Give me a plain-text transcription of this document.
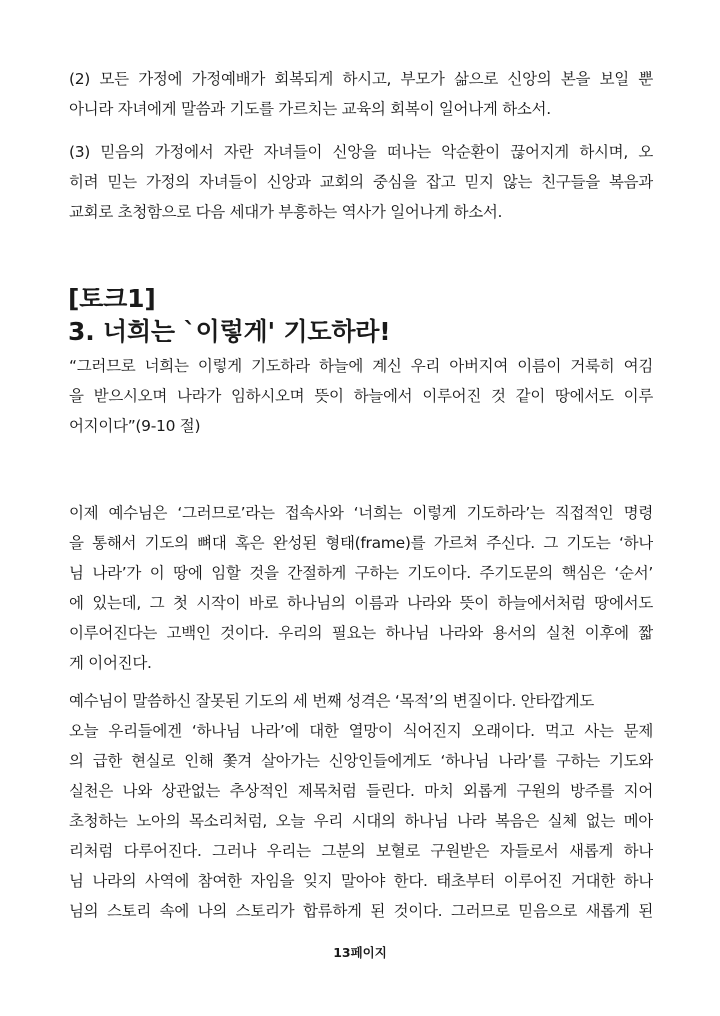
(2) 모든 가정에 가정예배가 회복되게 하시고, 부모가 삶으로 신앙의 본을 보일 뿐
아니라 자녀에게 말씀과 기도를 가르치는 교육의 회복이 일어나게 하소서.
(3) 믿음의 가정에서 자란 자녀들이 신앙을 떠나는 악순환이 끊어지게 하시며, 오
히려 믿는 가정의 자녀들이 신앙과 교회의 중심을 잡고 믿지 않는 친구들을 복음과
교회로 초청함으로 다음 세대가 부흥하는 역사가 일어나게 하소서.
[토크1]
3. 너희는 `이렇게' 기도하라!
“그러므로 너희는 이렇게 기도하라 하늘에 계신 우리 아버지여 이름이 거룩히 여김
을 받으시오며 나라가 임하시오며 뜻이 하늘에서 이루어진 것 같이 땅에서도 이루
어지이다”(9-10 절)
이제 예수님은 ‘그러므로’라는 접속사와 ‘너희는 이렇게 기도하라’는 직접적인 명령
을 통해서 기도의 뼈대 혹은 완성된 형태(frame)를 가르쳐 주신다. 그 기도는 ‘하나
님 나라’가 이 땅에 임할 것을 간절하게 구하는 기도이다. 주기도문의 핵심은 ‘순서’
에 있는데, 그 첫 시작이 바로 하나님의 이름과 나라와 뜻이 하늘에서처럼 땅에서도
이루어진다는 고백인 것이다. 우리의 필요는 하나님 나라와 용서의 실천 이후에 짧
게 이어진다.
예수님이 말씀하신 잘못된 기도의 세 번째 성격은 ‘목적’의 변질이다. 안타깝게도
오늘 우리들에겐 ‘하나님 나라’에 대한 열망이 식어진지 오래이다. 먹고 사는 문제
의 급한 현실로 인해 쫓겨 살아가는 신앙인들에게도 ‘하나님 나라’를 구하는 기도와
실천은 나와 상관없는 추상적인 제목처럼 들린다. 마치 외롭게 구원의 방주를 지어
초청하는 노아의 목소리처럼, 오늘 우리 시대의 하나님 나라 복음은 실체 없는 메아
리처럼 다루어진다. 그러나 우리는 그분의 보혈로 구원받은 자들로서 새롭게 하나
님 나라의 사역에 참여한 자임을 잊지 말아야 한다. 태초부터 이루어진 거대한 하나
님의 스토리 속에 나의 스토리가 합류하게 된 것이다. 그러므로 믿음으로 새롭게 된
13페이지
